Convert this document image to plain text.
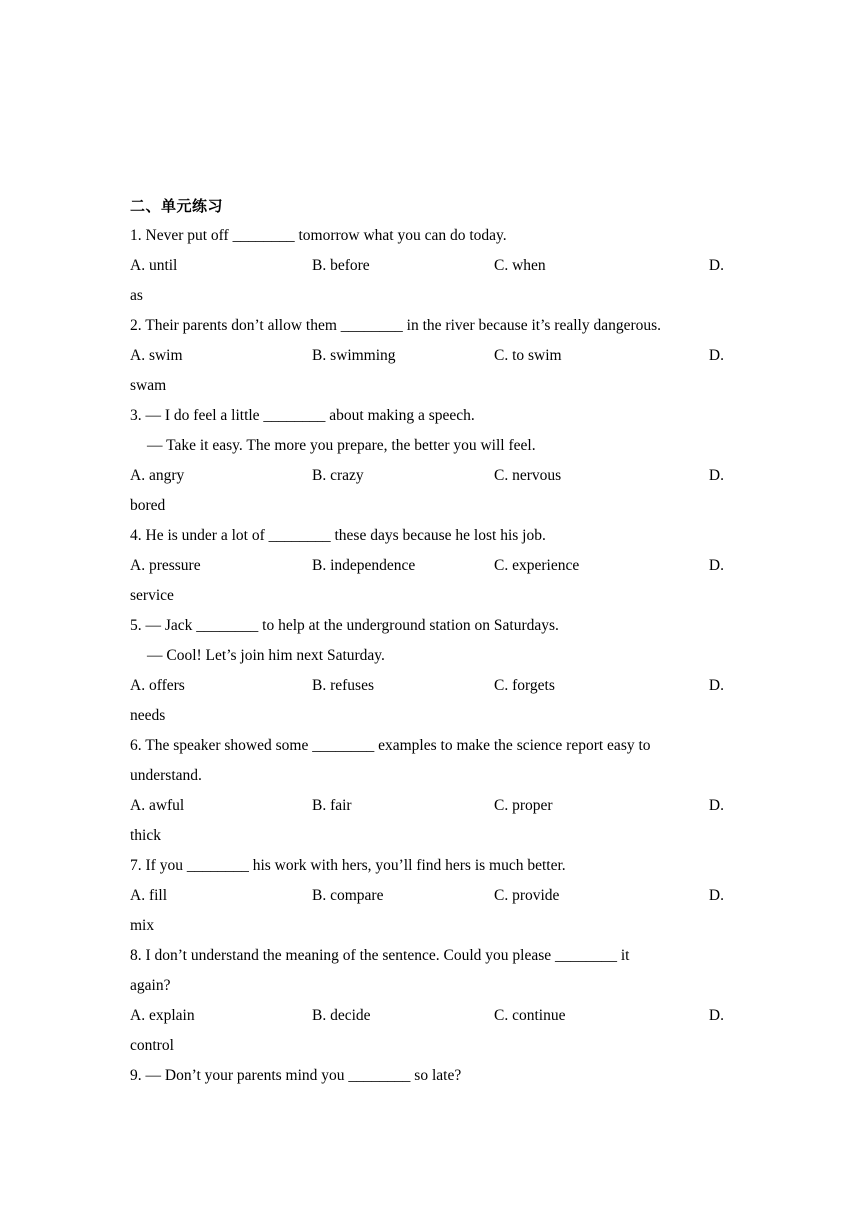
二、单元练习
1. Never put off ________ tomorrow what you can do today.
A. until	B. before	C. when	D.
as
2. Their parents don’t allow them ________ in the river because it’s really dangerous.
A. swim	B. swimming	C. to swim	D.
swam
3. — I do feel a little ________ about making a speech.
— Take it easy. The more you prepare, the better you will feel.
A. angry	B. crazy	C. nervous	D.
bored
4. He is under a lot of ________ these days because he lost his job.
A. pressure	B. independence	C. experience	D.
service
5. — Jack ________ to help at the underground station on Saturdays.
— Cool! Let’s join him next Saturday.
A. offers	B. refuses	C. forgets	D.
needs
6. The speaker showed some ________ examples to make the science report easy to
understand.
A. awful	B. fair	C. proper	D.
thick
7. If you ________ his work with hers, you’ll find hers is much better.
A. fill	B. compare	C. provide	D.
mix
8. I don’t understand the meaning of the sentence. Could you please ________ it
again?
A. explain	B. decide	C. continue	D.
control
9. — Don’t your parents mind you ________ so late?
